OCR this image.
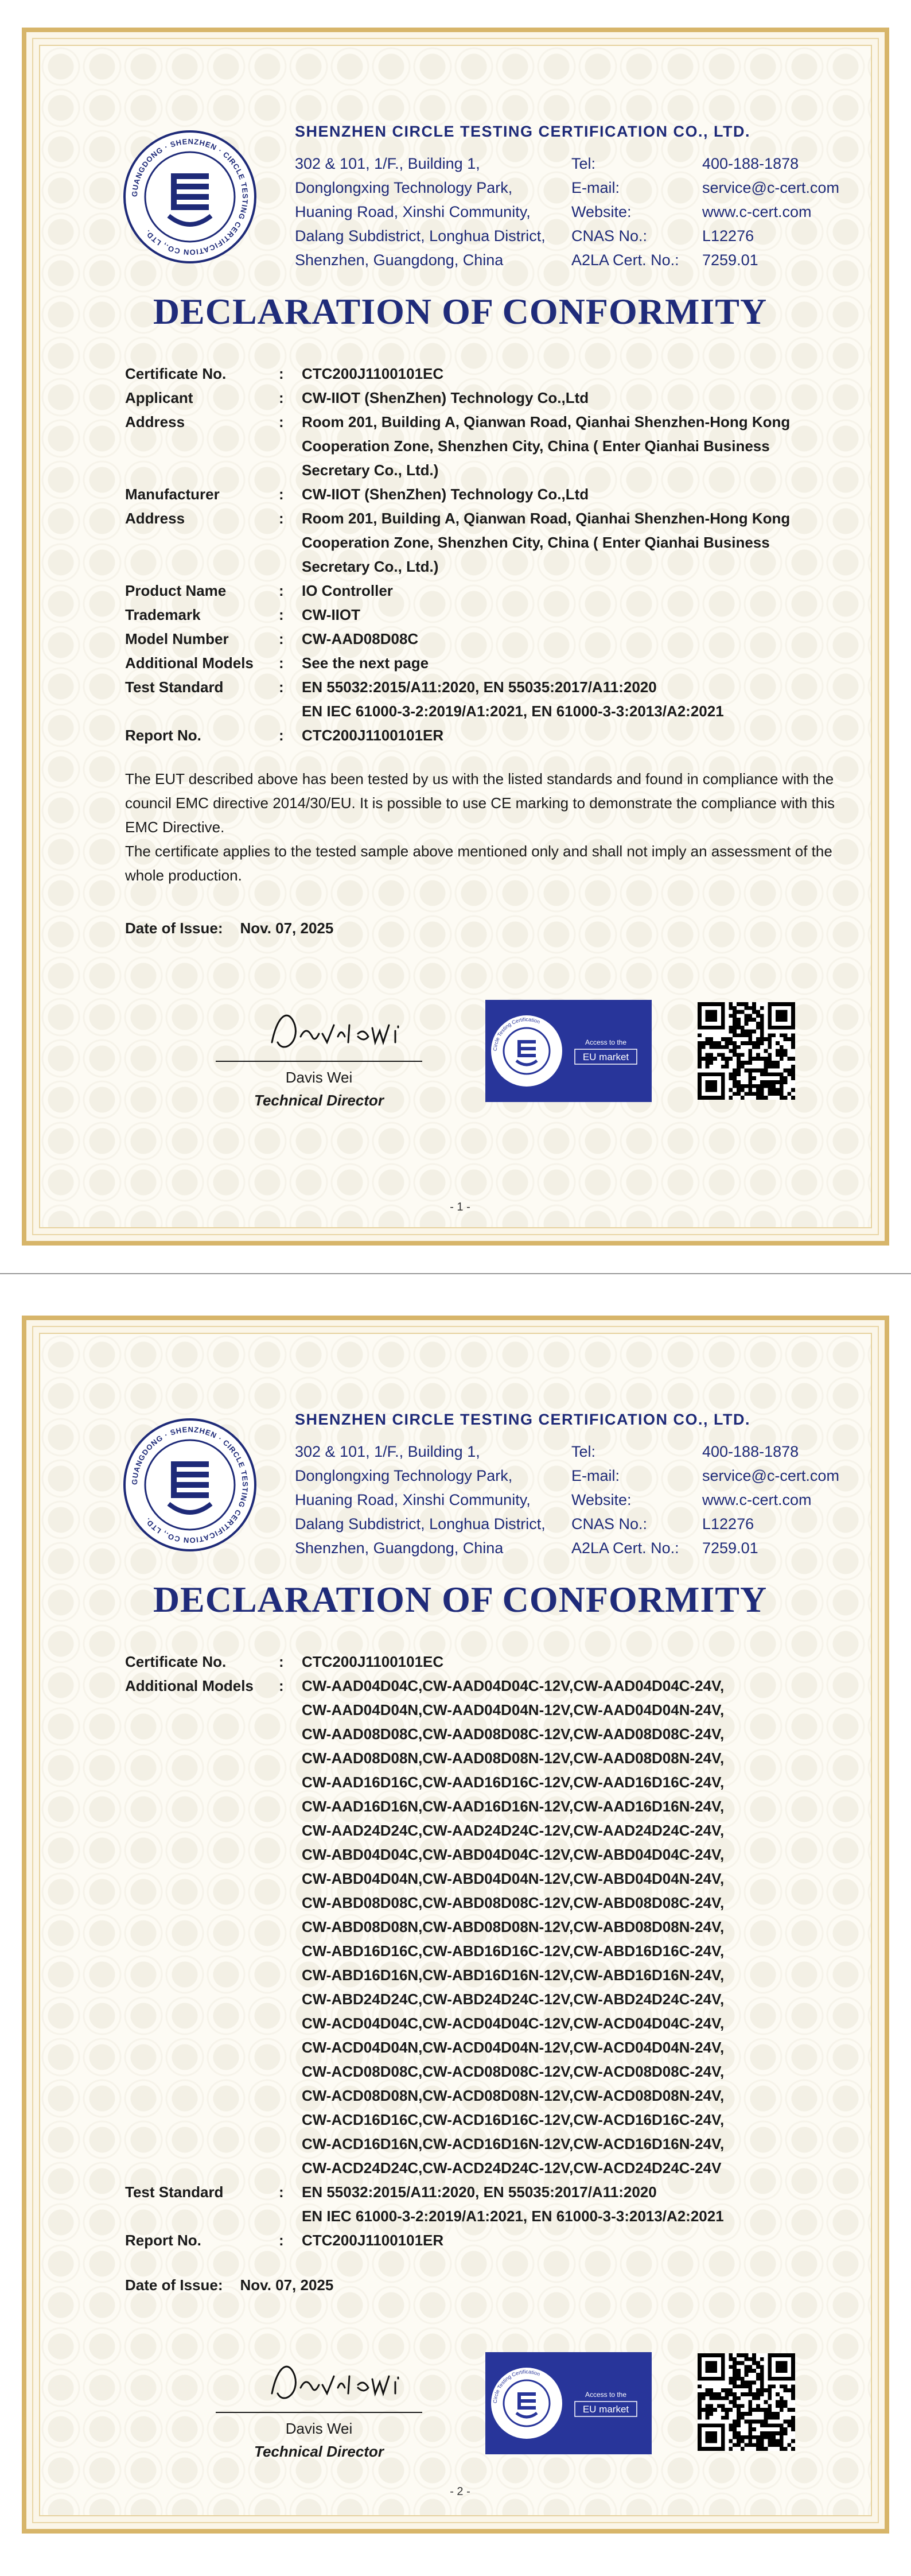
GUANGDONG · SHENZHEN · CIRCLE TESTING CERTIFICATION CO., LTD.
SHENZHEN CIRCLE TESTING CERTIFICATION CO., LTD.
302 & 101, 1/F., Building 1,
Donglongxing Technology Park,
Huaning Road, Xinshi Community,
Dalang Subdistrict, Longhua District,
Shenzhen, Guangdong, China
Tel:	400-188-1878
E-mail:	service@c-cert.com
Website:	www.c-cert.com
CNAS No.:	L12276
A2LA Cert. No.:	7259.01
DECLARATION OF CONFORMITY
Certificate No.	:	CTC200J1100101EC
Applicant	:	CW-IIOT (ShenZhen) Technology Co.,Ltd
Address	:	Room 201, Building A, Qianwan Road, Qianhai Shenzhen-Hong Kong
Cooperation Zone, Shenzhen City, China ( Enter Qianhai Business
Secretary Co., Ltd.)
Manufacturer	:	CW-IIOT (ShenZhen) Technology Co.,Ltd
Address	:	Room 201, Building A, Qianwan Road, Qianhai Shenzhen-Hong Kong
Cooperation Zone, Shenzhen City, China ( Enter Qianhai Business
Secretary Co., Ltd.)
Product Name	:	IO Controller
Trademark	:	CW-IIOT
Model Number	:	CW-AAD08D08C
Additional Models	:	See the next page
Test Standard	:	EN 55032:2015/A11:2020, EN 55035:2017/A11:2020
EN IEC 61000-3-2:2019/A1:2021, EN 61000-3-3:2013/A2:2021
Report No.	:	CTC200J1100101ER
The EUT described above has been tested by us with the listed standards and found in compliance with the council EMC directive 2014/30/EU. It is possible to use CE marking to demonstrate the compliance with this EMC Directive.
The certificate applies to the tested sample above mentioned only and shall not imply an assessment of the whole production.
Date of Issue: Nov. 07, 2025
Davis Wei
Technical Director
Circle Testing Certification
Access to the
EU market
- 1 -
GUANGDONG · SHENZHEN · CIRCLE TESTING CERTIFICATION CO., LTD.
SHENZHEN CIRCLE TESTING CERTIFICATION CO., LTD.
302 & 101, 1/F., Building 1,
Donglongxing Technology Park,
Huaning Road, Xinshi Community,
Dalang Subdistrict, Longhua District,
Shenzhen, Guangdong, China
Tel:	400-188-1878
E-mail:	service@c-cert.com
Website:	www.c-cert.com
CNAS No.:	L12276
A2LA Cert. No.:	7259.01
DECLARATION OF CONFORMITY
Certificate No.	:	CTC200J1100101EC
Additional Models	:	CW-AAD04D04C,CW-AAD04D04C-12V,CW-AAD04D04C-24V,
CW-AAD04D04N,CW-AAD04D04N-12V,CW-AAD04D04N-24V,
CW-AAD08D08C,CW-AAD08D08C-12V,CW-AAD08D08C-24V,
CW-AAD08D08N,CW-AAD08D08N-12V,CW-AAD08D08N-24V,
CW-AAD16D16C,CW-AAD16D16C-12V,CW-AAD16D16C-24V,
CW-AAD16D16N,CW-AAD16D16N-12V,CW-AAD16D16N-24V,
CW-AAD24D24C,CW-AAD24D24C-12V,CW-AAD24D24C-24V,
CW-ABD04D04C,CW-ABD04D04C-12V,CW-ABD04D04C-24V,
CW-ABD04D04N,CW-ABD04D04N-12V,CW-ABD04D04N-24V,
CW-ABD08D08C,CW-ABD08D08C-12V,CW-ABD08D08C-24V,
CW-ABD08D08N,CW-ABD08D08N-12V,CW-ABD08D08N-24V,
CW-ABD16D16C,CW-ABD16D16C-12V,CW-ABD16D16C-24V,
CW-ABD16D16N,CW-ABD16D16N-12V,CW-ABD16D16N-24V,
CW-ABD24D24C,CW-ABD24D24C-12V,CW-ABD24D24C-24V,
CW-ACD04D04C,CW-ACD04D04C-12V,CW-ACD04D04C-24V,
CW-ACD04D04N,CW-ACD04D04N-12V,CW-ACD04D04N-24V,
CW-ACD08D08C,CW-ACD08D08C-12V,CW-ACD08D08C-24V,
CW-ACD08D08N,CW-ACD08D08N-12V,CW-ACD08D08N-24V,
CW-ACD16D16C,CW-ACD16D16C-12V,CW-ACD16D16C-24V,
CW-ACD16D16N,CW-ACD16D16N-12V,CW-ACD16D16N-24V,
CW-ACD24D24C,CW-ACD24D24C-12V,CW-ACD24D24C-24V
Test Standard	:	EN 55032:2015/A11:2020, EN 55035:2017/A11:2020
EN IEC 61000-3-2:2019/A1:2021, EN 61000-3-3:2013/A2:2021
Report No.	:	CTC200J1100101ER
Date of Issue: Nov. 07, 2025
Davis Wei
Technical Director
Circle Testing Certification
Access to the
EU market
- 2 -
